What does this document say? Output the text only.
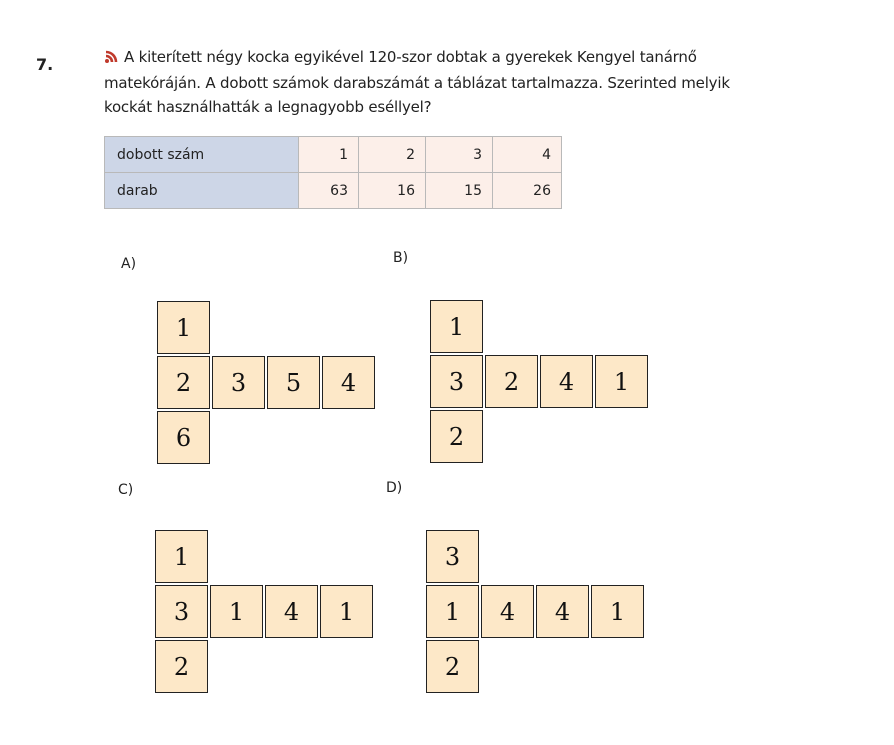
7.	A kiterített négy kocka egyikével 120-szor dobtak a gyerekek Kengyel tanárnő
matekóráján. A dobott számok darabszámát a táblázat tartalmazza. Szerinted melyik
kockát használhatták a legnagyobb eséllyel?
dobott szám	1	2	3	4
darab	63	16	15	26
A)
1
2	3	5	4
6
B)
1
3	2	4	1
2
C)
1
3	1	4	1
2
D)
3
1	4	4	1
2
